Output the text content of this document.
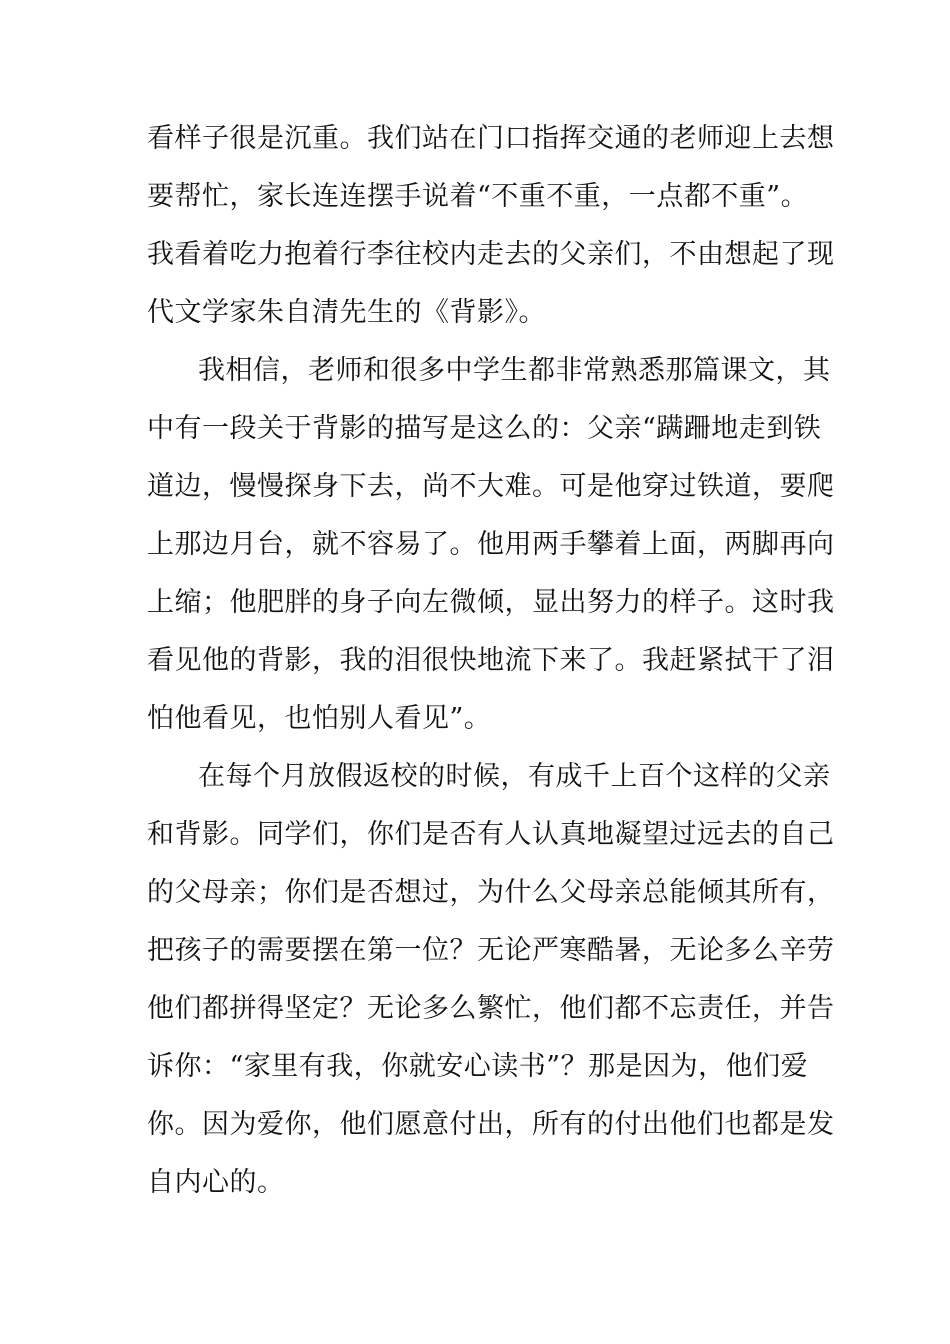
看样子很是沉重。我们站在门口指挥交通的老师迎上去想
要帮忙，家长连连摆手说着“不重不重，一点都不重”。
我看着吃力抱着行李往校内走去的父亲们，不由想起了现
代文学家朱自清先生的《背影》。
我相信，老师和很多中学生都非常熟悉那篇课文，其
中有一段关于背影的描写是这么的：父亲“蹒跚地走到铁
道边，慢慢探身下去，尚不大难。可是他穿过铁道，要爬
上那边月台，就不容易了。他用两手攀着上面，两脚再向
上缩；他肥胖的身子向左微倾，显出努力的样子。这时我
看见他的背影，我的泪很快地流下来了。我赶紧拭干了泪
怕他看见，也怕别人看见”。
在每个月放假返校的时候，有成千上百个这样的父亲
和背影。同学们，你们是否有人认真地凝望过远去的自己
的父母亲；你们是否想过，为什么父母亲总能倾其所有，
把孩子的需要摆在第一位？无论严寒酷暑，无论多么辛劳
他们都拼得坚定？无论多么繁忙，他们都不忘责任，并告
诉你：“家里有我，你就安心读书”？那是因为，他们爱
你。因为爱你，他们愿意付出，所有的付出他们也都是发
自内心的。
